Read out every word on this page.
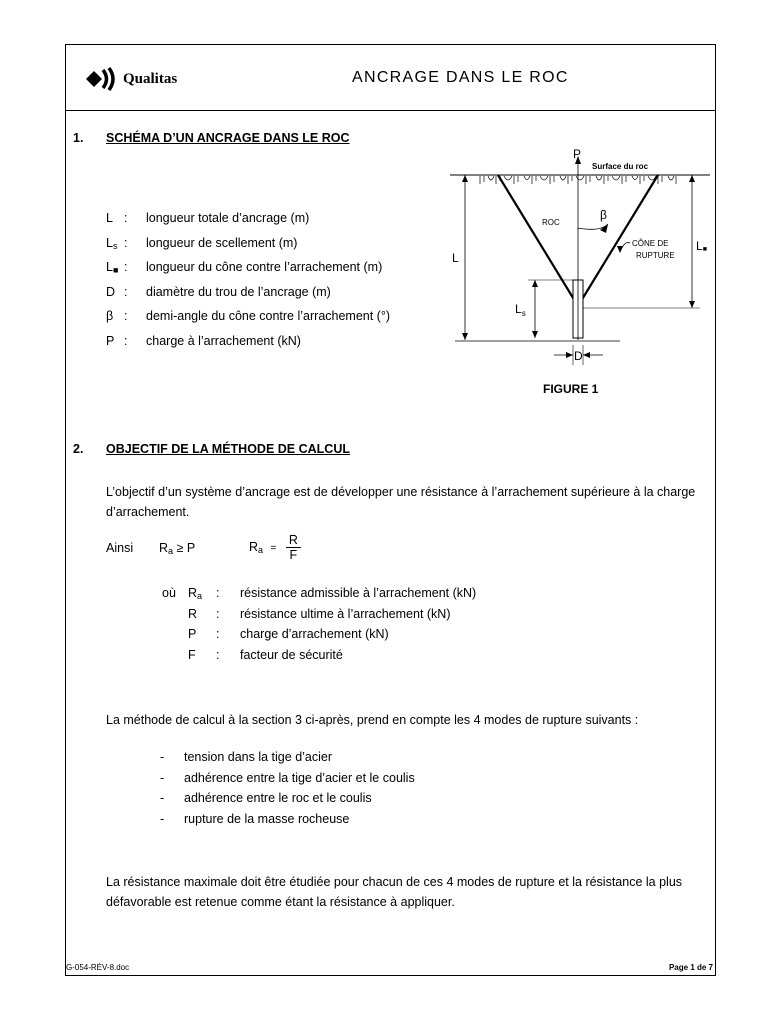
Qualitas	ANCRAGE DANS LE ROC
1. SCHÉMA D’UN ANCRAGE DANS LE ROC
L : longueur totale d’ancrage (m)
$L_s$ : longueur de scellement (m)
$L_■$ : longueur du cône contre l’arrachement (m)
D : diamètre du trou de l’ancrage (m)
β : demi-angle du cône contre l’arrachement (°)
P : charge à l’arrachement (kN)
P
Surface du roc
ROC
β
CÔNE DE
RUPTURE
L
$L_s$
L■
D
FIGURE 1
2. OBJECTIF DE LA MÉTHODE DE CALCUL
L’objectif d’un système d’ancrage est de développer une résistance à l’arrachement supérieure à la charge d’arrachement.
Ainsi $R_a \ge P$	$R_a = \frac{R}{F}$
où $R_a$ : résistance admissible à l’arrachement (kN)
R : résistance ultime à l’arrachement (kN)
P : charge d’arrachement (kN)
F : facteur de sécurité
La méthode de calcul à la section 3 ci-après, prend en compte les 4 modes de rupture suivants :
- tension dans la tige d’acier
- adhérence entre la tige d’acier et le coulis
- adhérence entre le roc et le coulis
- rupture de la masse rocheuse
La résistance maximale doit être étudiée pour chacun de ces 4 modes de rupture et la résistance la plus défavorable est retenue comme étant la résistance à appliquer.
G-054-RÉV-8.doc	Page 1 de 7
